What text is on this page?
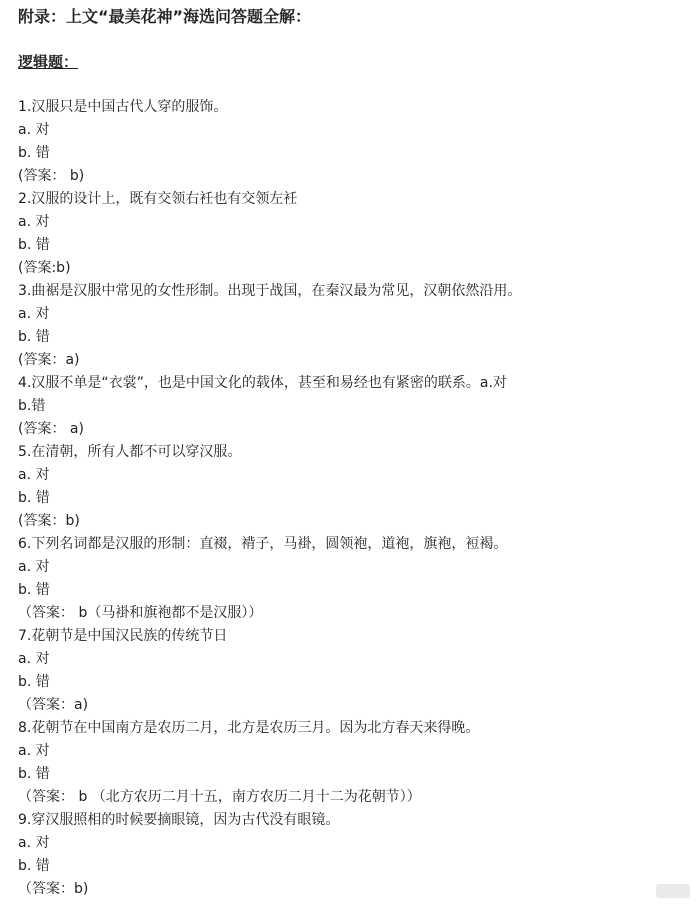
附录：上文“最美花神”海选问答题全解：
逻辑题：
1.汉服只是中国古代人穿的服饰。
a. 对
b. 错
(答案： b)
2.汉服的设计上，既有交领右衽也有交领左衽
a. 对
b. 错
(答案:b)
3.曲裾是汉服中常见的女性形制。出现于战国，在秦汉最为常见，汉朝依然沿用。
a. 对
b. 错
(答案：a)
4.汉服不单是“衣裳”，也是中国文化的载体，甚至和易经也有紧密的联系。a.对
b.错
(答案： a)
5.在清朝，所有人都不可以穿汉服。
a. 对
b. 错
(答案：b)
6.下列名词都是汉服的形制：直裰，褙子，马褂，圆领袍，道袍，旗袍，裋褐。
a. 对
b. 错
（答案： b（马褂和旗袍都不是汉服））
7.花朝节是中国汉民族的传统节日
a. 对
b. 错
（答案：a)
8.花朝节在中国南方是农历二月，北方是农历三月。因为北方春天来得晚。
a. 对
b. 错
（答案： b （北方农历二月十五，南方农历二月十二为花朝节））
9.穿汉服照相的时候要摘眼镜，因为古代没有眼镜。
a. 对
b. 错
（答案：b)
